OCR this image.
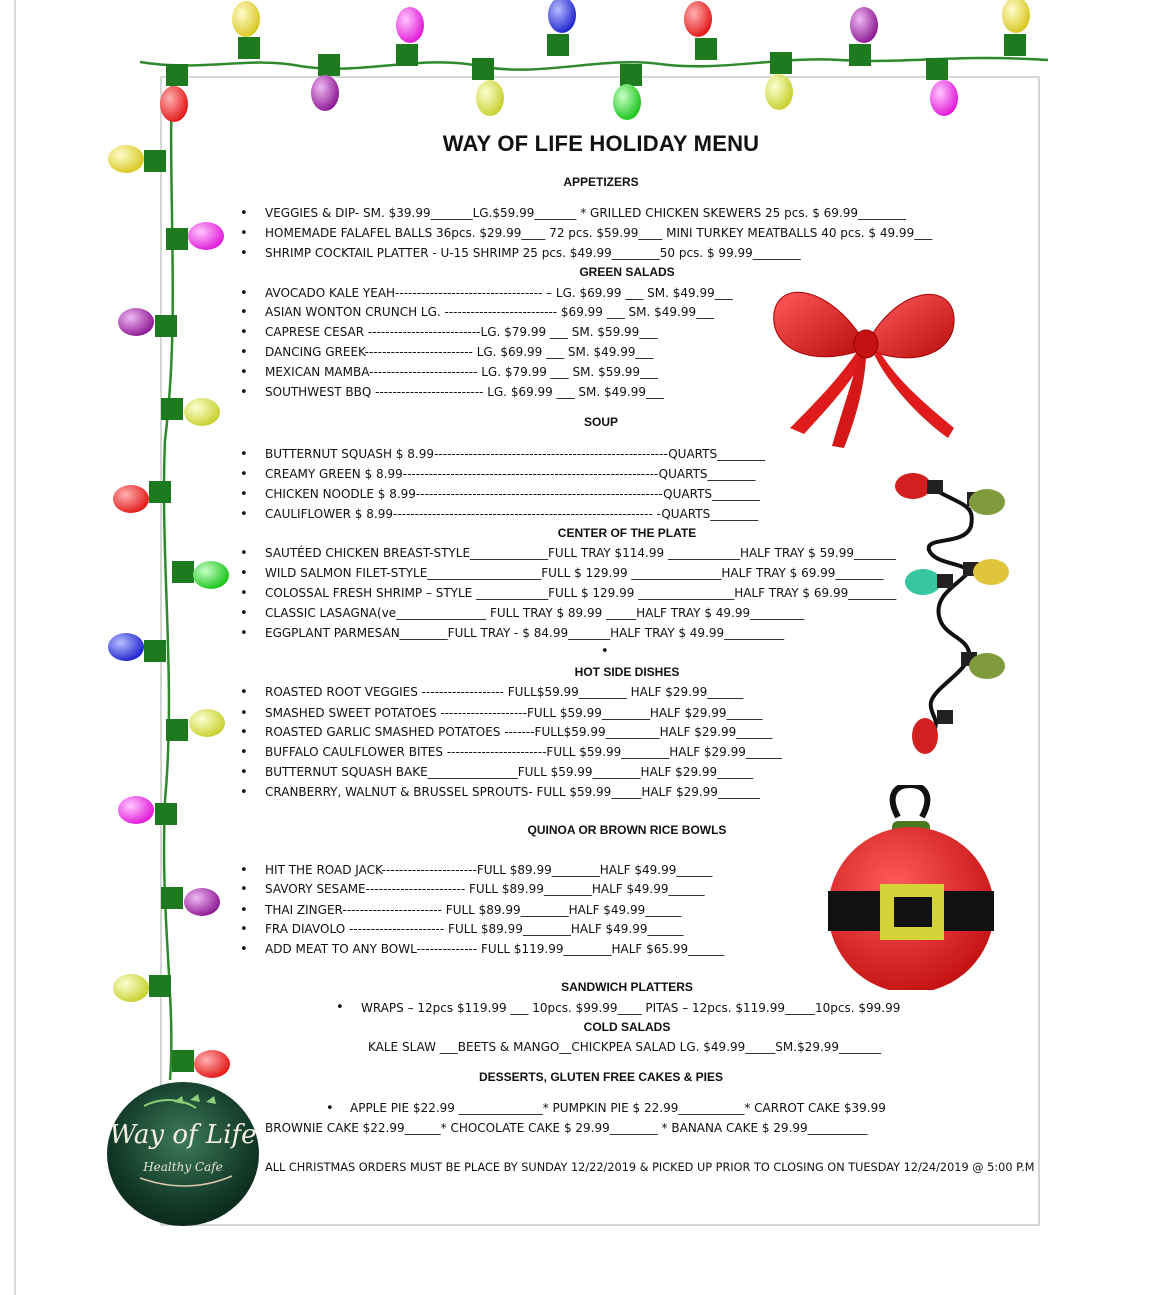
WAY OF LIFE HOLIDAY MENU
APPETIZERS
• VEGGIES & DIP- SM. $39.99_______LG.$59.99_______ * GRILLED CHICKEN SKEWERS 25 pcs. $ 69.99________
• HOMEMADE FALAFEL BALLS 36pcs. $29.99____ 72 pcs. $59.99____ MINI TURKEY MEATBALLS 40 pcs. $ 49.99___
• SHRIMP COCKTAIL PLATTER - U-15 SHRIMP 25 pcs. $49.99________50 pcs. $ 99.99________
GREEN SALADS
• AVOCADO KALE YEAH---------------------------------- – LG. $69.99 ___ SM. $49.99___
• ASIAN WONTON CRUNCH LG. -------------------------- $69.99 ___ SM. $49.99___
• CAPRESE CESAR --------------------------LG. $79.99 ___ SM. $59.99___
• DANCING GREEK------------------------- LG. $69.99 ___ SM. $49.99___
• MEXICAN MAMBA------------------------- LG. $79.99 ___ SM. $59.99___
• SOUTHWEST BBQ ------------------------- LG. $69.99 ___ SM. $49.99___
SOUP
• BUTTERNUT SQUASH $ 8.99------------------------------------------------------QUARTS________
• CREAMY GREEN $ 8.99-----------------------------------------------------------QUARTS________
• CHICKEN NOODLE $ 8.99---------------------------------------------------------QUARTS________
• CAULIFLOWER $ 8.99------------------------------------------------------------ -QUARTS________
CENTER OF THE PLATE
• SAUTÉED CHICKEN BREAST-STYLE_____________FULL TRAY $114.99 ____________HALF TRAY $ 59.99_______
• WILD SALMON FILET-STYLE___________________FULL $ 129.99 _______________HALF TRAY $ 69.99________
• COLOSSAL FRESH SHRIMP – STYLE ____________FULL $ 129.99 ________________HALF TRAY $ 69.99________
• CLASSIC LASAGNA(ve_______________ FULL TRAY $ 89.99 _____HALF TRAY $ 49.99_________
• EGGPLANT PARMESAN________FULL TRAY - $ 84.99_______HALF TRAY $ 49.99__________
•
HOT SIDE DISHES
• ROASTED ROOT VEGGIES ------------------- FULL$59.99________ HALF $29.99______
• SMASHED SWEET POTATOES --------------------FULL $59.99________HALF $29.99______
• ROASTED GARLIC SMASHED POTATOES -------FULL$59.99_________HALF $29.99______
• BUFFALO CAULFLOWER BITES -----------------------FULL $59.99________HALF $29.99______
• BUTTERNUT SQUASH BAKE_______________FULL $59.99________HALF $29.99______
• CRANBERRY, WALNUT & BRUSSEL SPROUTS- FULL $59.99_____HALF $29.99_______
QUINOA OR BROWN RICE BOWLS
• HIT THE ROAD JACK----------------------FULL $89.99________HALF $49.99______
• SAVORY SESAME----------------------- FULL $89.99________HALF $49.99______
• THAI ZINGER----------------------- FULL $89.99________HALF $49.99______
• FRA DIAVOLO ---------------------- FULL $89.99________HALF $49.99______
• ADD MEAT TO ANY BOWL-------------- FULL $119.99________HALF $65.99______
SANDWICH PLATTERS
• WRAPS – 12pcs $119.99 ___ 10pcs. $99.99____ PITAS – 12pcs. $119.99_____10pcs. $99.99
COLD SALADS
KALE SLAW ___BEETS & MANGO__CHICKPEA SALAD LG. $49.99_____SM.$29.99_______
DESSERTS, GLUTEN FREE CAKES & PIES
• APPLE PIE $22.99 ______________* PUMPKIN PIE $ 22.99___________* CARROT CAKE $39.99
BROWNIE CAKE $22.99______* CHOCOLATE CAKE $ 29.99________ * BANANA CAKE $ 29.99__________
ALL CHRISTMAS ORDERS MUST BE PLACE BY SUNDAY 12/22/2019 & PICKED UP PRIOR TO CLOSING ON TUESDAY 12/24/2019 @ 5:00 P.M
Way of Life
Healthy Cafe
